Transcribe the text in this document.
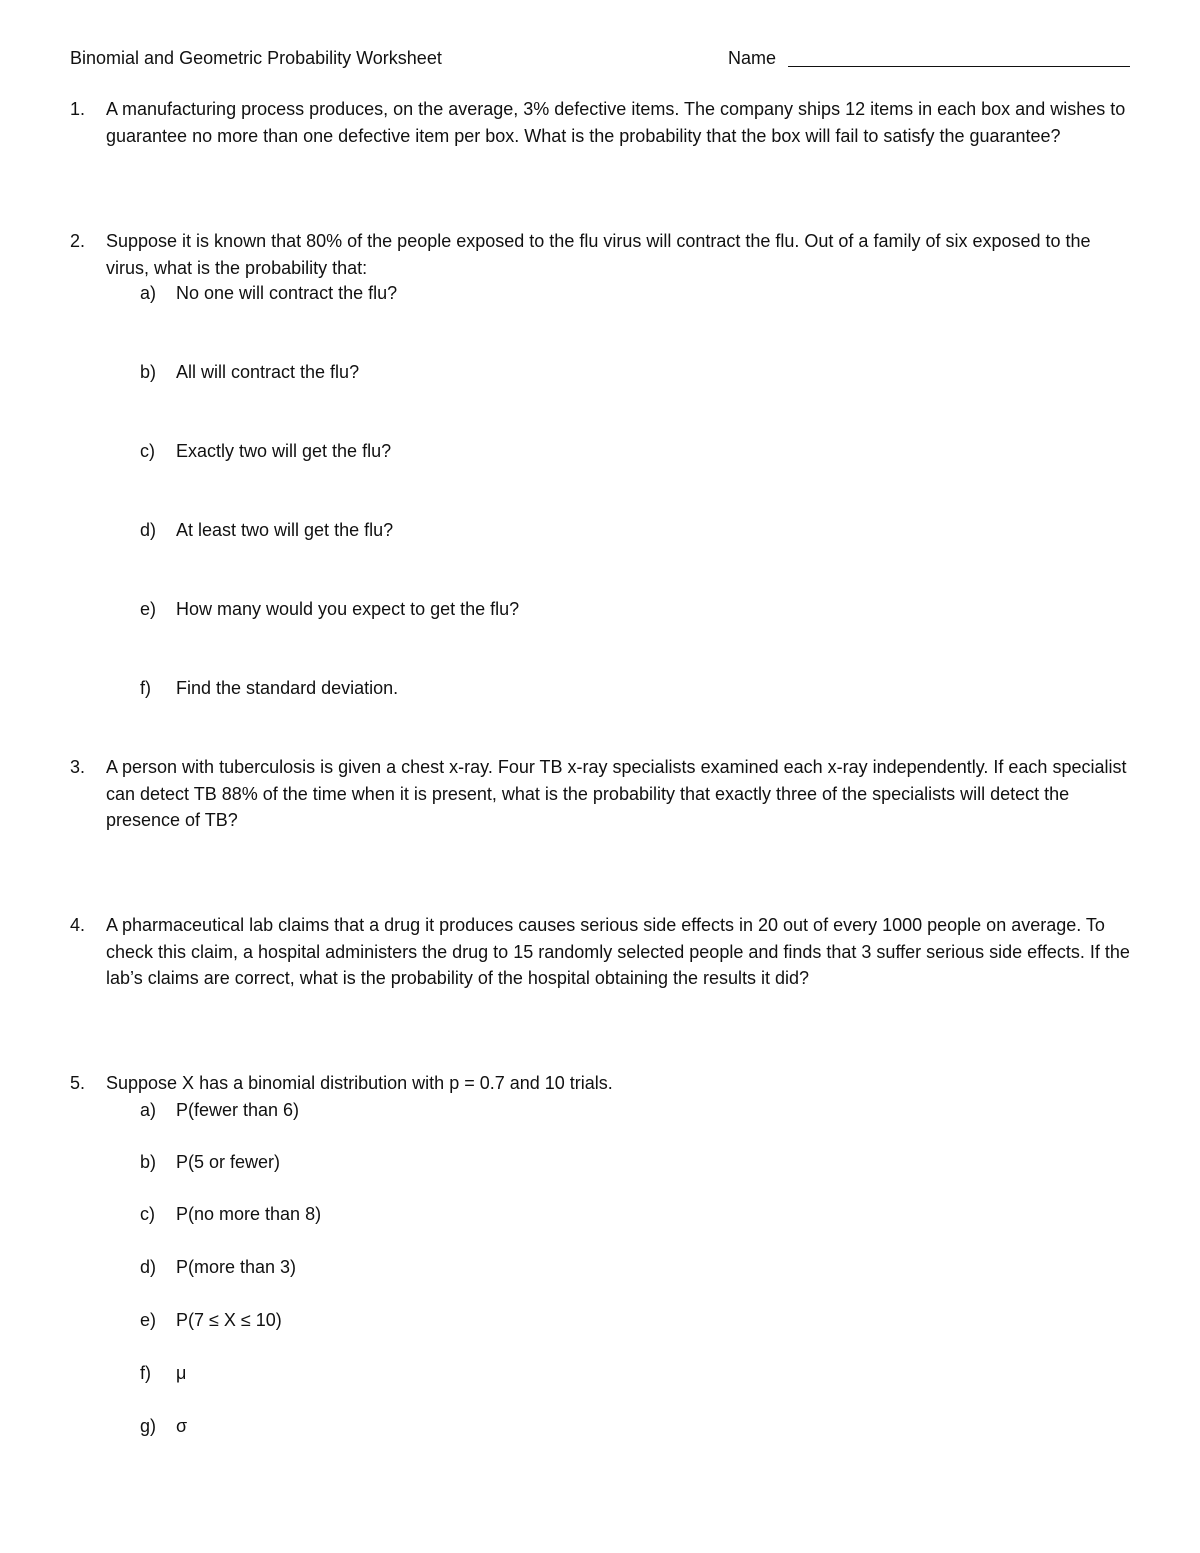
Binomial and Geometric Probability Worksheet	Name
1. A manufacturing process produces, on the average, 3% defective items. The company ships 12 items in each box and wishes to guarantee no more than one defective item per box. What is the probability that the box will fail to satisfy the guarantee?
2. Suppose it is known that 80% of the people exposed to the flu virus will contract the flu. Out of a family of six exposed to the virus, what is the probability that:
a) No one will contract the flu?
b) All will contract the flu?
c) Exactly two will get the flu?
d) At least two will get the flu?
e) How many would you expect to get the flu?
f) Find the standard deviation.
3. A person with tuberculosis is given a chest x-ray. Four TB x-ray specialists examined each x-ray independently. If each specialist can detect TB 88% of the time when it is present, what is the probability that exactly three of the specialists will detect the presence of TB?
4. A pharmaceutical lab claims that a drug it produces causes serious side effects in 20 out of every 1000 people on average. To check this claim, a hospital administers the drug to 15 randomly selected people and finds that 3 suffer serious side effects. If the lab’s claims are correct, what is the probability of the hospital obtaining the results it did?
5. Suppose X has a binomial distribution with p = 0.7 and 10 trials.
a) P(fewer than 6)
b) P(5 or fewer)
c) P(no more than 8)
d) P(more than 3)
e) P(7 ≤ X ≤ 10)
f) μ
g) σ
